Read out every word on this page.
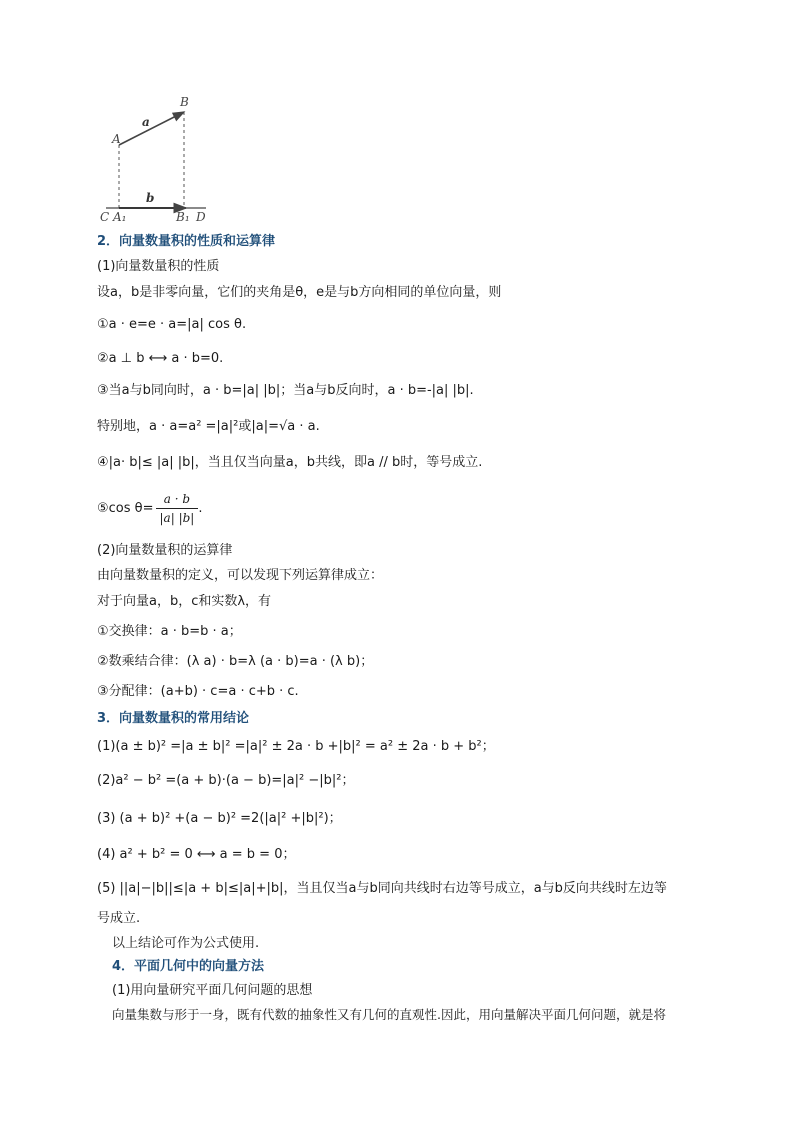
A
B
a
b
C A₁	B₁ D
2．向量数量积的性质和运算律
(1)向量数量积的性质
设a，b是非零向量，它们的夹角是θ，e是与b方向相同的单位向量，则
①a · e=e · a=|a| cos θ.
②a ⊥ b ⟷ a · b=0.
③当a与b同向时，a · b=|a| |b|；当a与b反向时，a · b=-|a| |b|.
特别地，a · a=a² =|a|²或|a|=√a · a.
④|a· b|≤ |a| |b|，当且仅当向量a，b共线，即a // b时，等号成立.
⑤cos $\theta= \frac{a \cdot b}{|a| |b|}$ .
(2)向量数量积的运算律
由向量数量积的定义，可以发现下列运算律成立：
对于向量a，b，c和实数λ，有
①交换律：a · b=b · a；
②数乘结合律：(λ a) · b=λ (a · b)=a · (λ b)；
③分配律：(a+b) · c=a · c+b · c.
3．向量数量积的常用结论
(1)(a ± b)² =|a ± b|² =|a|² ± 2a · b +|b|² = a² ± 2a · b + b²；
(2)a² − b² =(a + b)·(a − b)=|a|² −|b|²；
(3) (a + b)² +(a − b)² =2(|a|² +|b|²)；
(4) a² + b² = 0 ⟷ a = b = 0；
(5) ||a|−|b||≤|a + b|≤|a|+|b|，当且仅当a与b同向共线时右边等号成立，a与b反向共线时左边等
号成立.
以上结论可作为公式使用.
4．平面几何中的向量方法
(1)用向量研究平面几何问题的思想
向量集数与形于一身，既有代数的抽象性又有几何的直观性.因此，用向量解决平面几何问题，就是将
